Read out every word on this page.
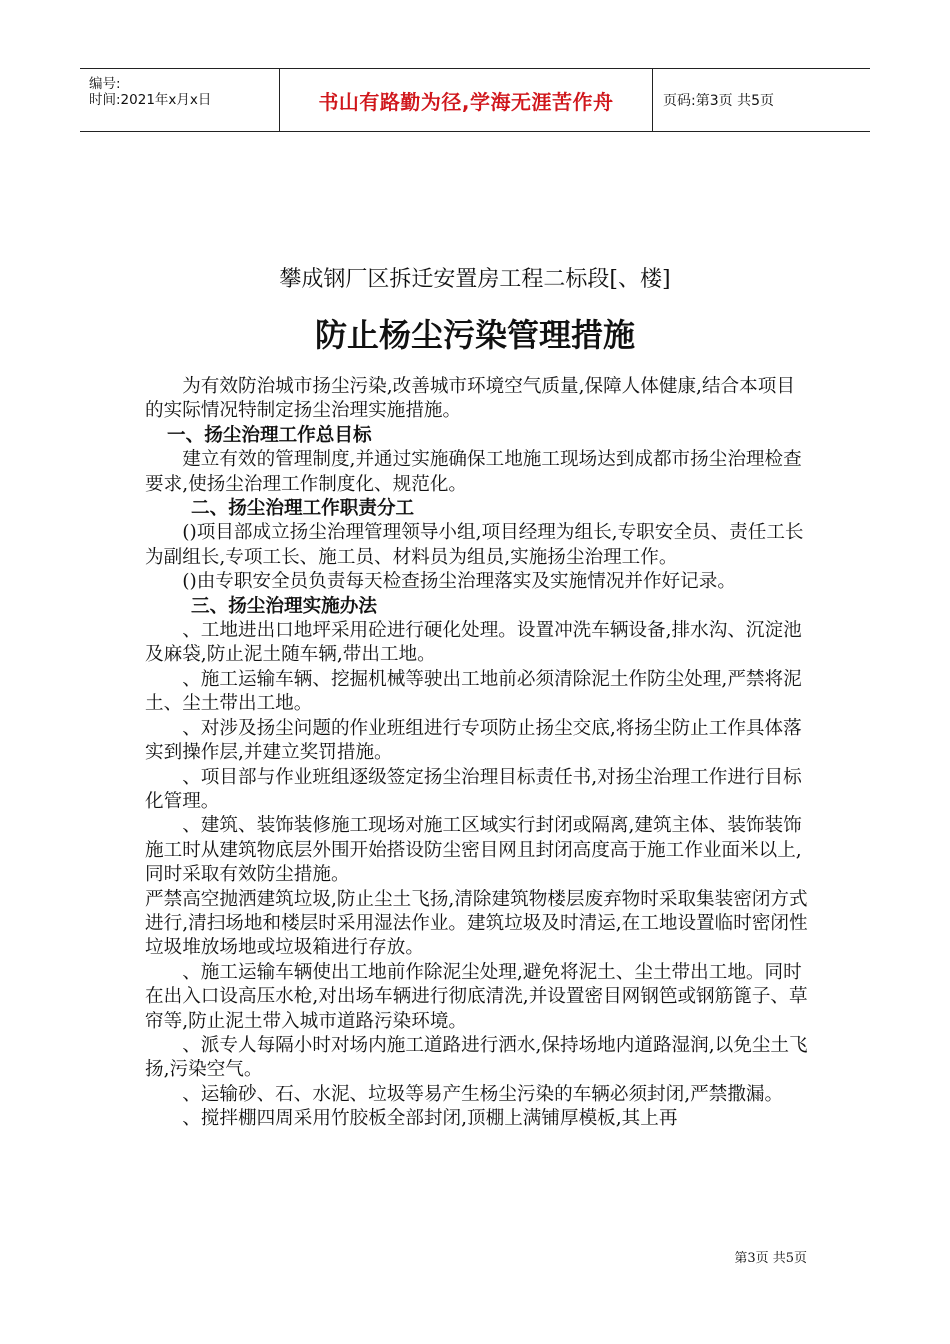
编号:
时间:2021年x月x日	书山有路勤为径,学海无涯苦作舟	页码:第3页 共5页
攀成钢厂区拆迁安置房工程二标段[、楼]
防止杨尘污染管理措施

为有效防治城市扬尘污染,改善城市环境空气质量,保障人体健康,结合本项目的实际情况特制定扬尘治理实施措施。

一、扬尘治理工作总目标

建立有效的管理制度,并通过实施确保工地施工现场达到成都市扬尘治理检查要求,使扬尘治理工作制度化、规范化。

二、扬尘治理工作职责分工

()项目部成立扬尘治理管理领导小组,项目经理为组长,专职安全员、责任工长为副组长,专项工长、施工员、材料员为组员,实施扬尘治理工作。

()由专职安全员负责每天检查扬尘治理落实及实施情况并作好记录。

三、扬尘治理实施办法

、工地进出口地坪采用砼进行硬化处理。设置冲洗车辆设备,排水沟、沉淀池及麻袋,防止泥土随车辆,带出工地。

、施工运输车辆、挖掘机械等驶出工地前必须清除泥土作防尘处理,严禁将泥土、尘土带出工地。

、对涉及扬尘问题的作业班组进行专项防止扬尘交底,将扬尘防止工作具体落实到操作层,并建立奖罚措施。

、项目部与作业班组逐级签定扬尘治理目标责任书,对扬尘治理工作进行目标化管理。

、建筑、装饰装修施工现场对施工区域实行封闭或隔离,建筑主体、装饰装饰施工时从建筑物底层外围开始搭设防尘密目网且封闭高度高于施工作业面米以上,同时采取有效防尘措施。

严禁高空抛洒建筑垃圾,防止尘土飞扬,清除建筑物楼层废弃物时采取集装密闭方式进行,清扫场地和楼层时采用湿法作业。建筑垃圾及时清运,在工地设置临时密闭性垃圾堆放场地或垃圾箱进行存放。

、施工运输车辆使出工地前作除泥尘处理,避免将泥土、尘土带出工地。同时在出入口设高压水枪,对出场车辆进行彻底清洗,并设置密目网钢笆或钢筋篦子、草帘等,防止泥土带入城市道路污染环境。

、派专人每隔小时对场内施工道路进行洒水,保持场地内道路湿润,以免尘土飞扬,污染空气。

、运输砂、石、水泥、垃圾等易产生杨尘污染的车辆必须封闭,严禁撒漏。

、搅拌棚四周采用竹胶板全部封闭,顶棚上满铺厚模板,其上再

第3页 共5页
